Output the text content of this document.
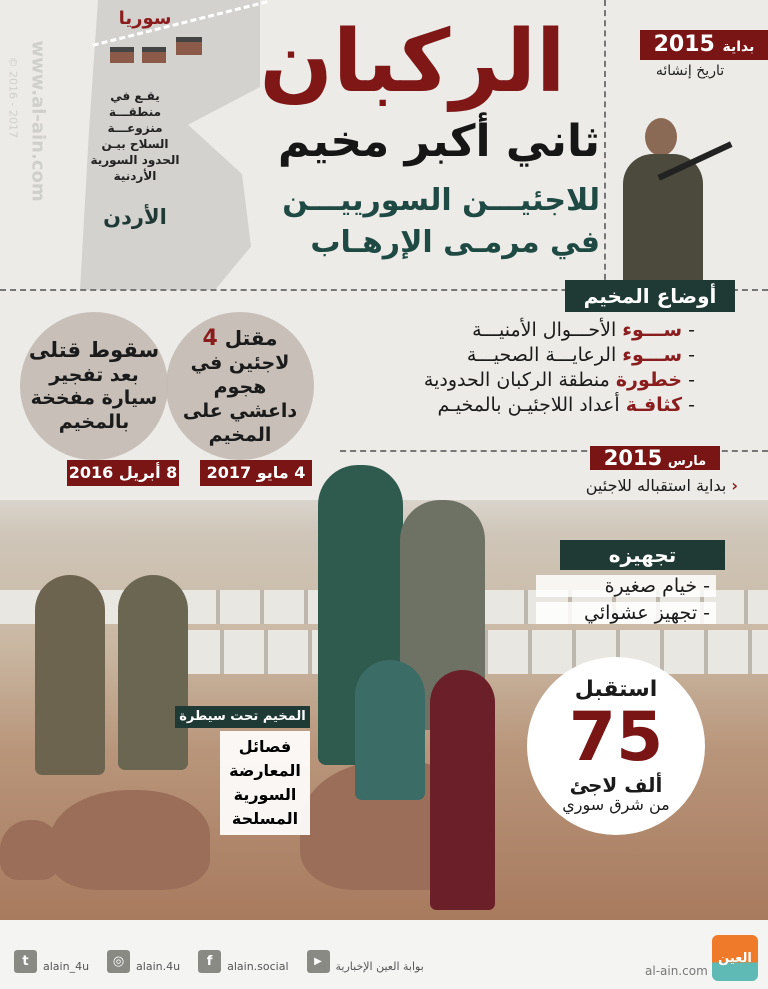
www.al-ain.com
© 2016 - 2017
سوريا
يقـع في
منطقـــة
منزوعـــة
السلاح بيـن
الحدود السورية
الأردنية
الأردن
الركبان
ثاني أكبر مخيم
للاجئيـــن السورييـــن
في مرمـى الإرهـاب
بداية 2015
تاريخ إنشائه
أوضاع المخيم
- ســـوء الأحـــوال الأمنيـــة
- ســـوء الرعايـــة الصحيـــة
- خطورة منطقة الركبان الحدودية
- كثافـة أعداد اللاجئيـن بالمخيـم
سقوط قتلى
بعد تفجير
سيارة مفخخة
بالمخيم
مقتل 4
لاجئين في
هجوم
داعشي على
المخيم
8 أبريل 2016	4 مايو 2017
مارس 2015
‹ بداية استقباله للاجئين
تجهيزه
- خيام صغيرة
- تجهيز عشوائي
استقبل
75
ألف لاجئ
من شرق سوري
المخيم تحت سيطرة
فصائل
المعارضة
السورية
المسلحة
t	alain_4u	◎	alain.4u	f	alain.social	▶	بوابة العين الإخبارية	al-ain.com
العين
